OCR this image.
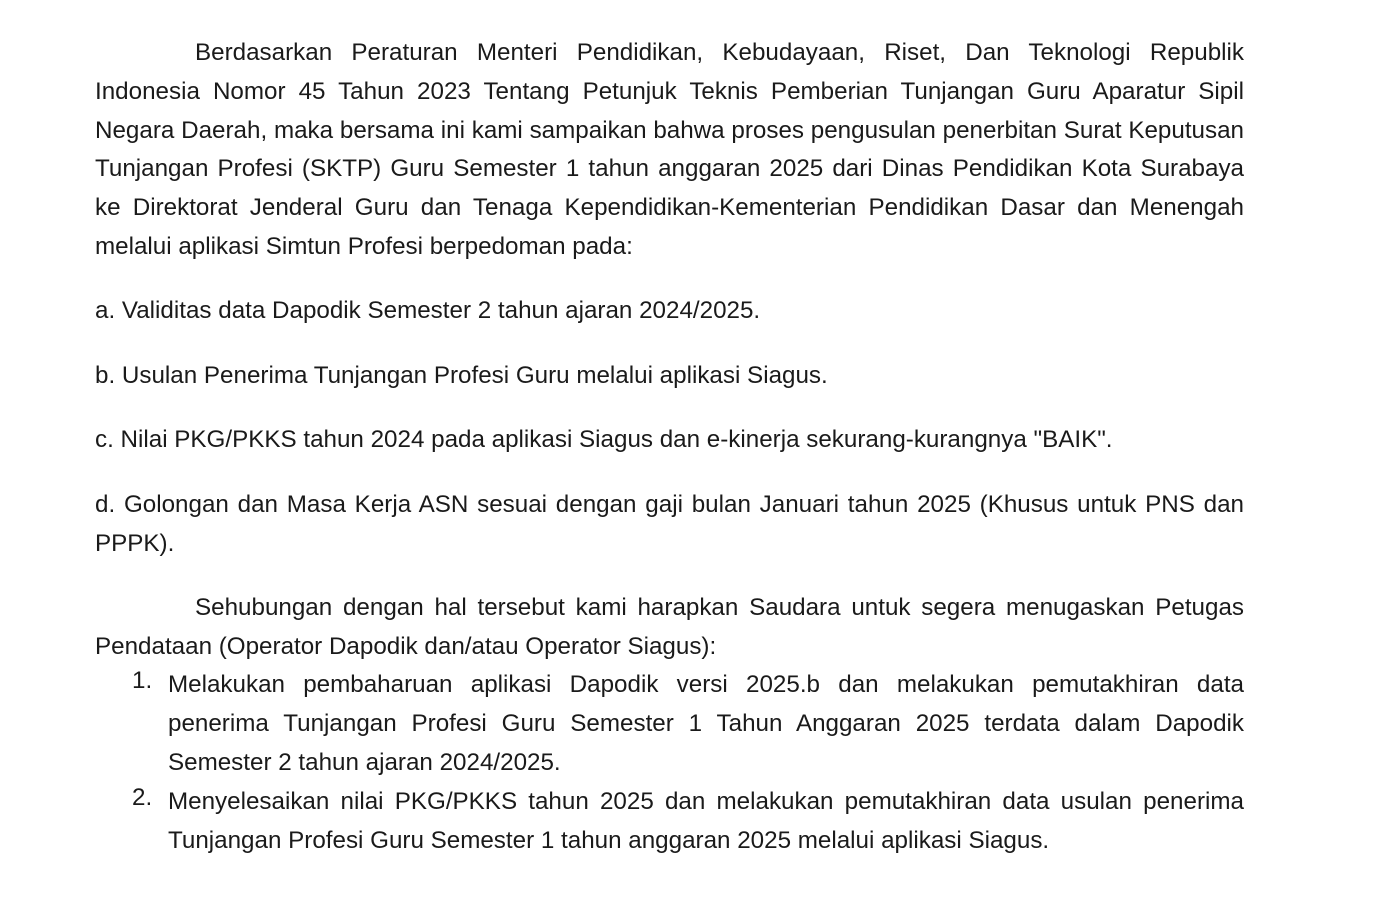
Berdasarkan Peraturan Menteri Pendidikan, Kebudayaan, Riset, Dan Teknologi Republik Indonesia Nomor 45 Tahun 2023 Tentang Petunjuk Teknis Pemberian Tunjangan Guru Aparatur Sipil Negara Daerah, maka bersama ini kami sampaikan bahwa proses pengusulan penerbitan Surat Keputusan Tunjangan Profesi (SKTP) Guru Semester 1 tahun anggaran 2025 dari Dinas Pendidikan Kota Surabaya ke Direktorat Jenderal Guru dan Tenaga Kependidikan-Kementerian Pendidikan Dasar dan Menengah melalui aplikasi Simtun Profesi berpedoman pada:

a. Validitas data Dapodik Semester 2 tahun ajaran 2024/2025.

b. Usulan Penerima Tunjangan Profesi Guru melalui aplikasi Siagus.

c. Nilai PKG/PKKS tahun 2024 pada aplikasi Siagus dan e-kinerja sekurang-kurangnya "BAIK".

d. Golongan dan Masa Kerja ASN sesuai dengan gaji bulan Januari tahun 2025 (Khusus untuk PNS dan PPPK).

Sehubungan dengan hal tersebut kami harapkan Saudara untuk segera menugaskan Petugas Pendataan (Operator Dapodik dan/atau Operator Siagus):

1. Melakukan pembaharuan aplikasi Dapodik versi 2025.b dan melakukan pemutakhiran data penerima Tunjangan Profesi Guru Semester 1 Tahun Anggaran 2025 terdata dalam Dapodik Semester 2 tahun ajaran 2024/2025.
2. Menyelesaikan nilai PKG/PKKS tahun 2025 dan melakukan pemutakhiran data usulan penerima Tunjangan Profesi Guru Semester 1 tahun anggaran 2025 melalui aplikasi Siagus.
